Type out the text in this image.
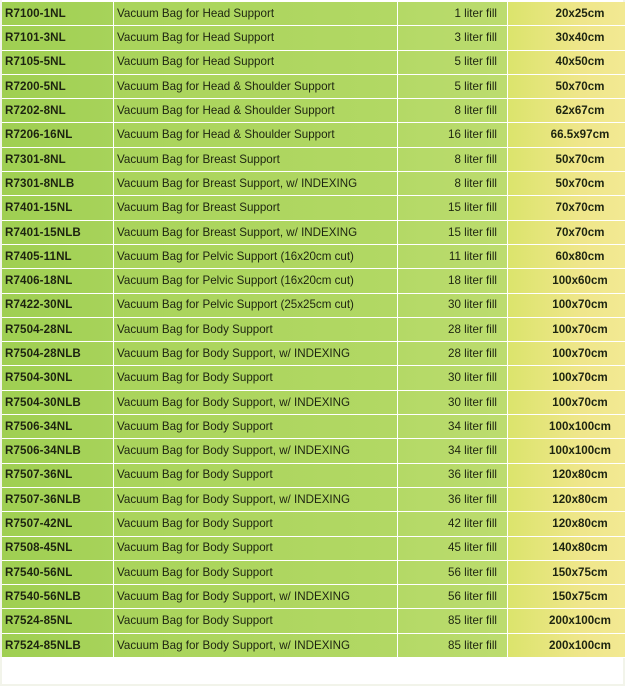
R7100-1NL	Vacuum Bag for Head Support	1 liter fill	20x25cm
R7101-3NL	Vacuum Bag for Head Support	3 liter fill	30x40cm
R7105-5NL	Vacuum Bag for Head Support	5 liter fill	40x50cm
R7200-5NL	Vacuum Bag for Head & Shoulder Support	5 liter fill	50x70cm
R7202-8NL	Vacuum Bag for Head & Shoulder Support	8 liter fill	62x67cm
R7206-16NL	Vacuum Bag for Head & Shoulder Support	16 liter fill	66.5x97cm
R7301-8NL	Vacuum Bag for Breast Support	8 liter fill	50x70cm
R7301-8NLB	Vacuum Bag for Breast Support, w/ INDEXING	8 liter fill	50x70cm
R7401-15NL	Vacuum Bag for Breast Support	15 liter fill	70x70cm
R7401-15NLB	Vacuum Bag for Breast Support, w/ INDEXING	15 liter fill	70x70cm
R7405-11NL	Vacuum Bag for Pelvic Support (16x20cm cut)	11 liter fill	60x80cm
R7406-18NL	Vacuum Bag for Pelvic Support (16x20cm cut)	18 liter fill	100x60cm
R7422-30NL	Vacuum Bag for Pelvic Support (25x25cm cut)	30 liter fill	100x70cm
R7504-28NL	Vacuum Bag for Body Support	28 liter fill	100x70cm
R7504-28NLB	Vacuum Bag for Body Support, w/ INDEXING	28 liter fill	100x70cm
R7504-30NL	Vacuum Bag for Body Support	30 liter fill	100x70cm
R7504-30NLB	Vacuum Bag for Body Support, w/ INDEXING	30 liter fill	100x70cm
R7506-34NL	Vacuum Bag for Body Support	34 liter fill	100x100cm
R7506-34NLB	Vacuum Bag for Body Support, w/ INDEXING	34 liter fill	100x100cm
R7507-36NL	Vacuum Bag for Body Support	36 liter fill	120x80cm
R7507-36NLB	Vacuum Bag for Body Support, w/ INDEXING	36 liter fill	120x80cm
R7507-42NL	Vacuum Bag for Body Support	42 liter fill	120x80cm
R7508-45NL	Vacuum Bag for Body Support	45 liter fill	140x80cm
R7540-56NL	Vacuum Bag for Body Support	56 liter fill	150x75cm
R7540-56NLB	Vacuum Bag for Body Support, w/ INDEXING	56 liter fill	150x75cm
R7524-85NL	Vacuum Bag for Body Support	85 liter fill	200x100cm
R7524-85NLB	Vacuum Bag for Body Support, w/ INDEXING	85 liter fill	200x100cm
